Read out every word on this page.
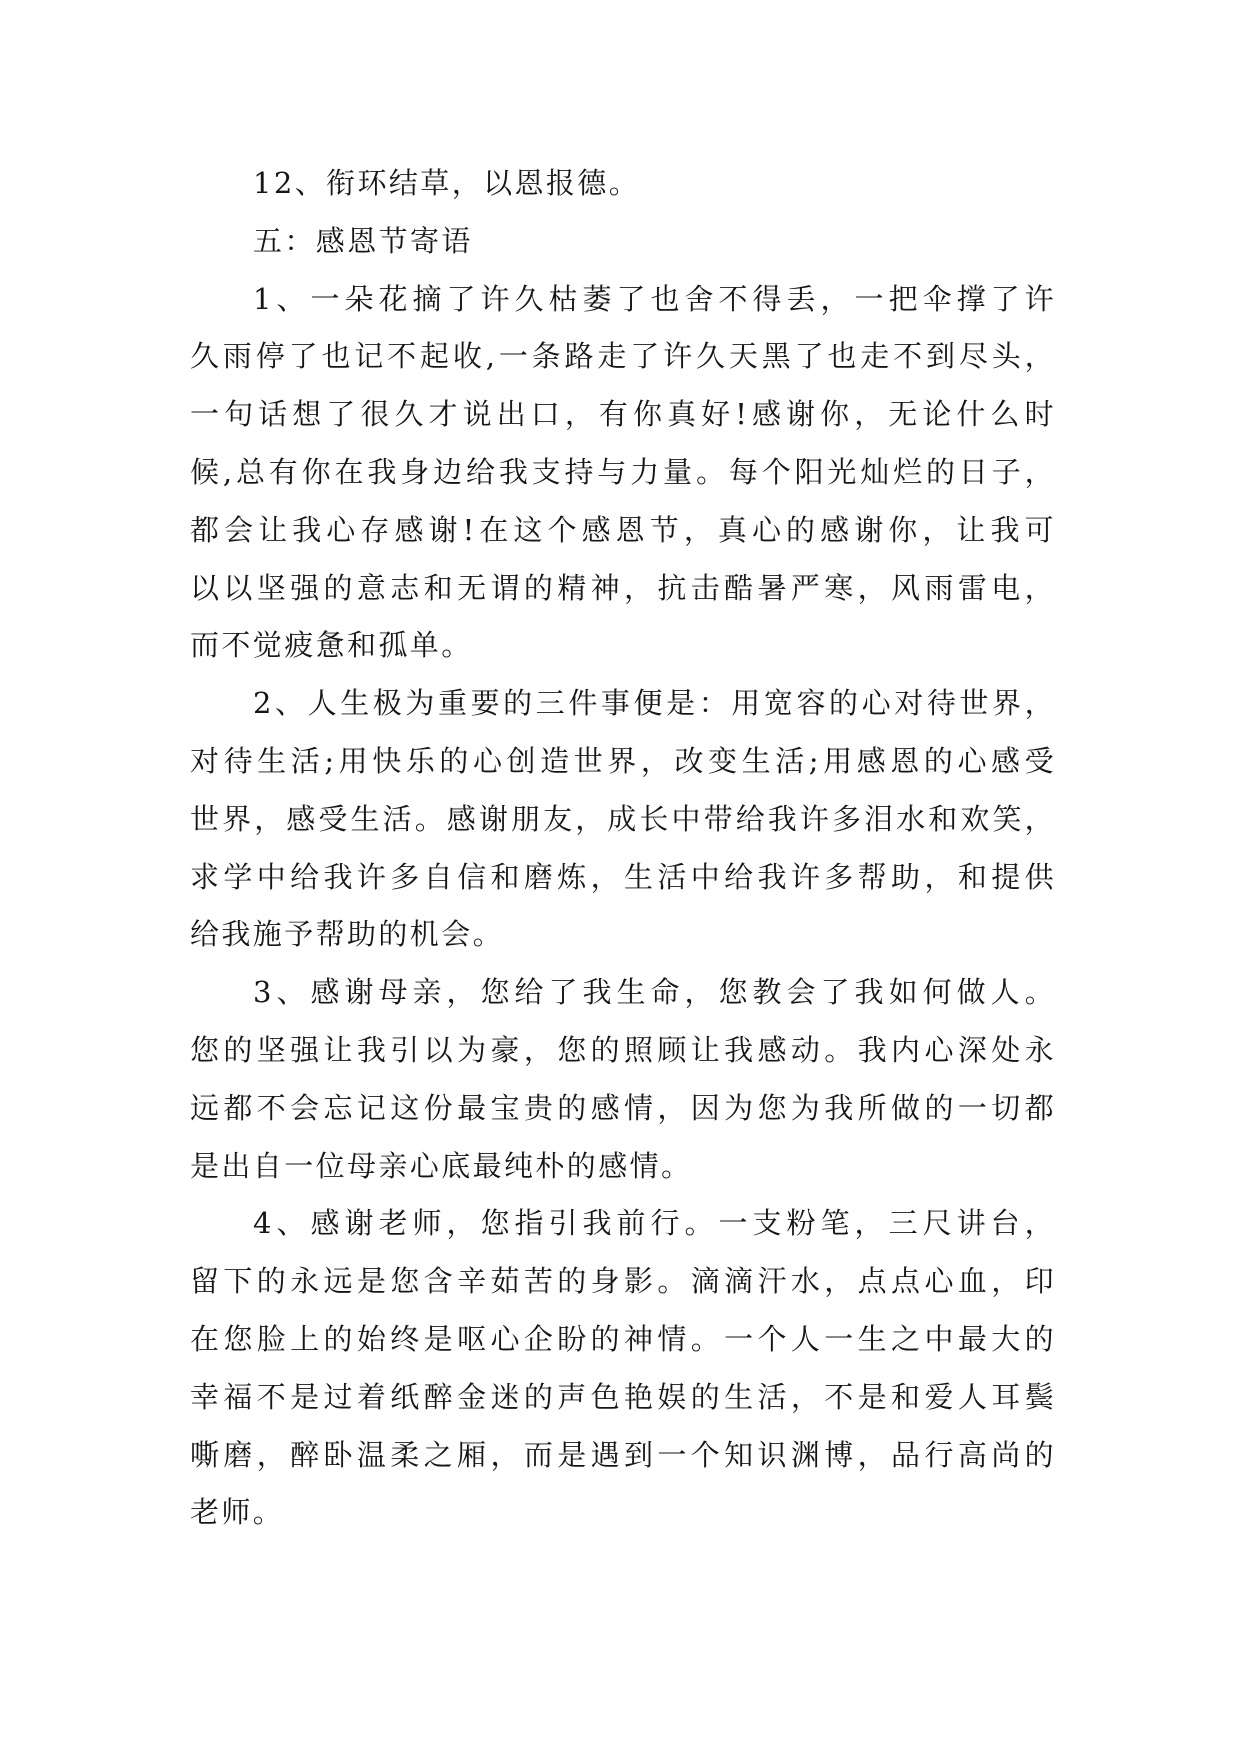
12、衔环结草，以恩报德。
五：感恩节寄语
1、一朵花摘了许久枯萎了也舍不得丢，一把伞撑了许
久雨停了也记不起收,一条路走了许久天黑了也走不到尽头，
一句话想了很久才说出口，有你真好!感谢你，无论什么时
候,总有你在我身边给我支持与力量。每个阳光灿烂的日子，
都会让我心存感谢!在这个感恩节，真心的感谢你，让我可
以以坚强的意志和无谓的精神，抗击酷暑严寒，风雨雷电，
而不觉疲惫和孤单。
2、人生极为重要的三件事便是：用宽容的心对待世界，
对待生活;用快乐的心创造世界，改变生活;用感恩的心感受
世界，感受生活。感谢朋友，成长中带给我许多泪水和欢笑，
求学中给我许多自信和磨炼，生活中给我许多帮助，和提供
给我施予帮助的机会。
3、感谢母亲，您给了我生命，您教会了我如何做人。
您的坚强让我引以为豪，您的照顾让我感动。我内心深处永
远都不会忘记这份最宝贵的感情，因为您为我所做的一切都
是出自一位母亲心底最纯朴的感情。
4、感谢老师，您指引我前行。一支粉笔，三尺讲台，
留下的永远是您含辛茹苦的身影。滴滴汗水，点点心血，印
在您脸上的始终是呕心企盼的神情。一个人一生之中最大的
幸福不是过着纸醉金迷的声色艳娱的生活，不是和爱人耳鬓
嘶磨，醉卧温柔之厢，而是遇到一个知识渊博，品行高尚的
老师。
